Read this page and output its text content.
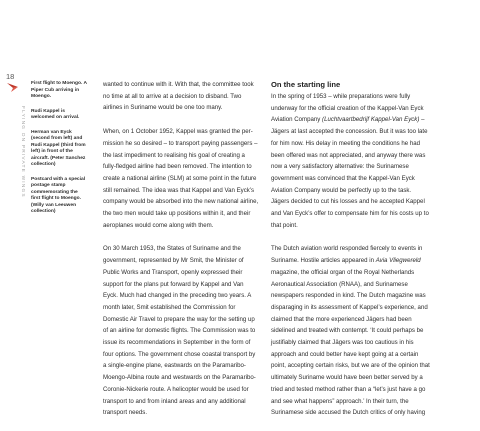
18
FLYING ON PRIVATE WINGS

First flight to Moengo. A Piper Cub arriving in Moengo.

Rudi Kappel is welcomed on arrival.

Herman van Eyck (second from left) and Rudi Kappel (third from left) in front of the aircraft. (Peter Sanchez collection)

Postcard with a special postage stamp commemorating the first flight to Moengo. (Willy van Leeuwen collection)

wanted to continue with it. With that, the committee took no time at all to arrive at a decision to disband. Two airlines in Suriname would be one too many.

When, on 1 October 1952, Kappel was granted the permission he so desired – to transport paying passengers – the last impediment to realising his goal of creating a fully-fledged airline had been removed. The intention to create a national airline (SLM) at some point in the future still remained. The idea was that Kappel and Van Eyck’s company would be absorbed into the new national airline, the two men would take up positions within it, and their aeroplanes would come along with them.

On 30 March 1953, the States of Suriname and the government, represented by Mr Smit, the Minister of Public Works and Transport, openly expressed their support for the plans put forward by Kappel and Van Eyck. Much had changed in the preceding two years. A month later, Smit established the Commission for Domestic Air Travel to prepare the way for the setting up of an airline for domestic flights. The Commission was to issue its recommendations in September in the form of four options. The government chose coastal transport by a single-engine plane, eastwards on the Paramaribo-Moengo-Albina route and westwards on the Paramaribo-Coronie-Nickerie route. A helicopter would be used for transport to and from inland areas and any additional transport needs.

On the starting line

In the spring of 1953 – while preparations were fully underway for the official creation of the Kappel-Van Eyck Aviation Company (Luchtvaartbedrijf Kappel-Van Eyck) – Jägers at last accepted the concession. But it was too late for him now. His delay in meeting the conditions he had been offered was not appreciated, and anyway there was now a very satisfactory alternative: the Surinamese government was convinced that the Kappel-Van Eyck Aviation Company would be perfectly up to the task. Jägers decided to cut his losses and he accepted Kappel and Van Eyck’s offer to compensate him for his costs up to that point.

The Dutch aviation world responded fiercely to events in Suriname. Hostile articles appeared in Avia Vliegwereld magazine, the official organ of the Royal Netherlands Aeronautical Association (RNAA), and Surinamese newspapers responded in kind. The Dutch magazine was disparaging in its assessment of Kappel’s experience, and claimed that the more experienced Jägers had been sidelined and treated with contempt. ‘It could perhaps be justifiably claimed that Jägers was too cautious in his approach and could better have kept going at a certain point, accepting certain risks, but we are of the opinion that ultimately Suriname would have been better served by a tried and tested method rather than a “let’s just have a go and see what happens” approach.’ In their turn, the Surinamese side accused the Dutch critics of only having
